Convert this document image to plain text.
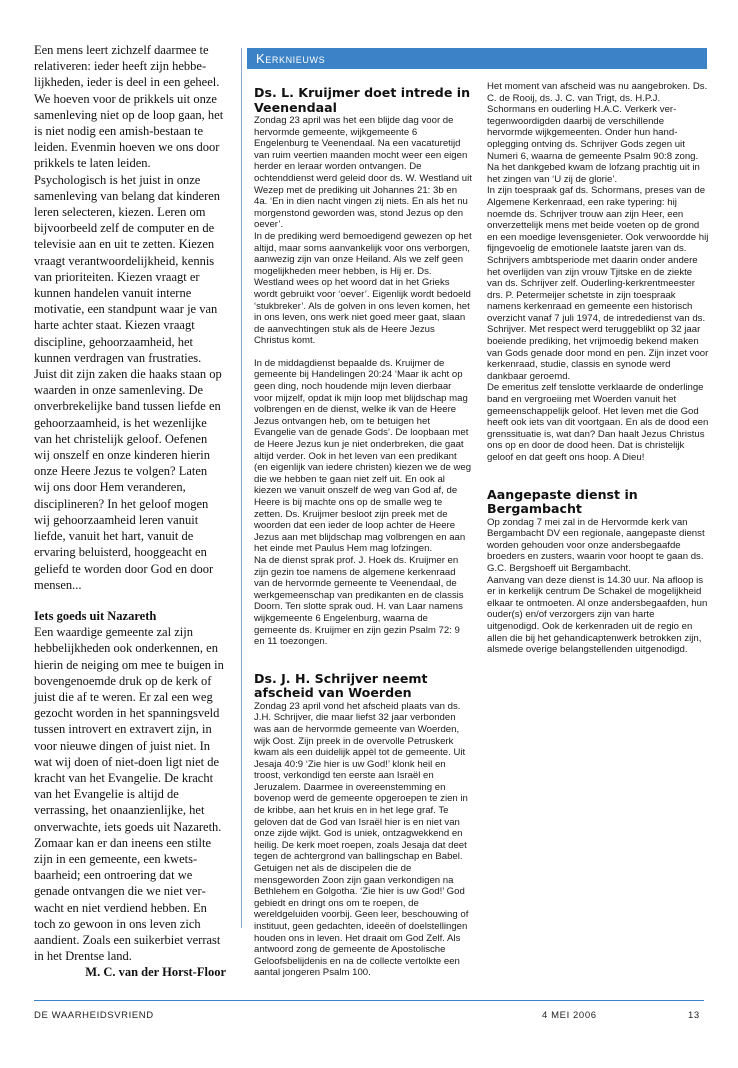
Een mens leert zichzelf daarmee te relativeren: ieder heeft zijn hebbelijkheden, ieder is deel in een geheel. We hoeven voor de prikkels uit onze samenleving niet op de loop gaan, het is niet nodig een amish-bestaan te leiden. Evenmin hoeven we ons door prikkels te laten leiden.

Psychologisch is het juist in onze samenleving van belang dat kinderen leren selecteren, kiezen. Leren om bijvoorbeeld zelf de computer en de televisie aan en uit te zetten. Kiezen vraagt verantwoordelijkheid, kennis van prioriteiten. Kiezen vraagt er kunnen handelen vanuit interne motivatie, een standpunt waar je van harte achter staat. Kiezen vraagt discipline, gehoorzaamheid, het kunnen verdragen van frustraties. Juist dit zijn zaken die haaks staan op waarden in onze samenleving. De onverbrekelijke band tussen liefde en gehoorzaamheid, is het wezenlijke van het christelijk geloof. Oefenen wij onszelf en onze kinderen hierin onze Heere Jezus te volgen? Laten wij ons door Hem veranderen, disciplineren? In het geloof mogen wij gehoorzaamheid leren vanuit liefde, vanuit het hart, vanuit de ervaring beluisterd, hooggeacht en geliefd te worden door God en door mensen...

Iets goeds uit Nazareth

Een waardige gemeente zal zijn hebbelijkheden ook onderkennen, en hierin de neiging om mee te buigen in bovengenoemde druk op de kerk of juist die af te weren. Er zal een weg gezocht worden in het spanningsveld tussen introvert en extravert zijn, in voor nieuwe dingen of juist niet. In wat wij doen of niet-doen ligt niet de kracht van het Evangelie. De kracht van het Evangelie is altijd de verrassing, het onaanzienlijke, het onverwachte, iets goeds uit Nazareth.

Zomaar kan er dan ineens een stilte zijn in een gemeente, een kwetsbaarheid; een ontroering dat we genade ontvangen die we niet verwacht en niet verdiend hebben. En toch zo gewoon in ons leven zich aandient. Zoals een suikerbiet verrast in het Drentse land.

M. C. van der Horst-Floor

Kerknieuws
Ds. L. Kruijmer doet intrede in Veenendaal

Zondag 23 april was het een blijde dag voor de hervormde gemeente, wijkgemeente 6 Engelenburg te Veenendaal. Na een vacaturetijd van ruim veertien maanden mocht weer een eigen herder en leraar worden ontvangen. De ochtenddienst werd geleid door ds. W. Westland uit Wezep met de prediking uit Johannes 21: 3b en 4a. ‘En in dien nacht vingen zij niets. En als het nu morgenstond geworden was, stond Jezus op den oever’.

In de prediking werd bemoedigend gewezen op het altijd, maar soms aanvankelijk voor ons verborgen, aanwezig zijn van onze Heiland. Als we zelf geen mogelijkheden meer hebben, is Hij er. Ds. Westland wees op het woord dat in het Grieks wordt gebruikt voor ‘oever’. Eigenlijk wordt bedoeld ‘stukbreker’. Als de golven in ons leven komen, het in ons leven, ons werk niet goed meer gaat, slaan de aanvechtingen stuk als de Heere Jezus Christus komt.

In de middagdienst bepaalde ds. Kruijmer de gemeente bij Handelingen 20:24 ‘Maar ik acht op geen ding, noch houdende mijn leven dierbaar voor mijzelf, opdat ik mijn loop met blijdschap mag volbrengen en de dienst, welke ik van de Heere Jezus ontvangen heb, om te betuigen het Evangelie van de genade Gods’. De loopbaan met de Heere Jezus kun je niet onderbreken, die gaat altijd verder. Ook in het leven van een predikant (en eigenlijk van iedere christen) kiezen we de weg die we hebben te gaan niet zelf uit. En ook al kiezen we vanuit onszelf de weg van God af, de Heere is bij machte ons op de smalle weg te zetten. Ds. Kruijmer besloot zijn preek met de woorden dat een ieder de loop achter de Heere Jezus aan met blijdschap mag volbrengen en aan het einde met Paulus Hem mag lofzingen.

Na de dienst sprak prof. J. Hoek ds. Kruijmer en zijn gezin toe namens de algemene kerkenraad van de hervormde gemeente te Veenendaal, de werkgemeenschap van predikanten en de classis Doorn. Ten slotte sprak oud. H. van Laar namens wijkgemeente 6 Engelenburg, waarna de gemeente ds. Kruijmer en zijn gezin Psalm 72: 9 en 11 toezongen.

Ds. J. H. Schrijver neemt afscheid van Woerden

Zondag 23 april vond het afscheid plaats van ds. J.H. Schrijver, die maar liefst 32 jaar verbonden was aan de hervormde gemeente van Woerden, wijk Oost. Zijn preek in de overvolle Petruskerk kwam als een duidelijk appèl tot de gemeente. Uit Jesaja 40:9 ‘Zie hier is uw God!’ klonk heil en troost, verkondigd ten eerste aan Israël en Jeruzalem. Daarmee in overeenstemming en bovenop werd de gemeente opgeroepen te zien in de kribbe, aan het kruis en in het lege graf. Te geloven dat de God van Israël hier is en niet van onze zijde wijkt. God is uniek, ontzagwekkend en heilig. De kerk moet roepen, zoals Jesaja dat deet tegen de achtergrond van ballingschap en Babel. Getuigen net als de discipelen die de mensgeworden Zoon zijn gaan verkondigen na Bethlehem en Golgotha. ‘Zie hier is uw God!’ God gebiedt en dringt ons om te roepen, de wereldgeluiden voorbij. Geen leer, beschouwing of instituut, geen gedachten, ideeën of doelstellingen houden ons in leven. Het draait om God Zelf. Als antwoord zong de gemeente de Apostolische Geloofsbelijdenis en na de collecte vertolkte een aantal jongeren Psalm 100.

Het moment van afscheid was nu aangebroken. Ds. C. de Rooij, ds. J. C. van Trigt, ds. H.P.J. Schormans en ouderling H.A.C. Verkerk vertegenwoordigden daarbij de verschillende hervormde wijkgemeenten. Onder hun handoplegging ontving ds. Schrijver Gods zegen uit Numeri 6, waarna de gemeente Psalm 90:8 zong. Na het dankgebed kwam de lofzang prachtig uit in het zingen van ‘U zij de glorie’.

In zijn toespraak gaf ds. Schormans, preses van de Algemene Kerkenraad, een rake typering: hij noemde ds. Schrijver trouw aan zijn Heer, een onverzettelijk mens met beide voeten op de grond en een moedige levensgenieter. Ook verwoordde hij fijngevoelig de emotionele laatste jaren van ds. Schrijvers ambtsperiode met daarin onder andere het overlijden van zijn vrouw Tjitske en de ziekte van ds. Schrijver zelf. Ouderling-kerkrentmeester drs. P. Petermeijer schetste in zijn toespraak namens kerkenraad en gemeente een historisch overzicht vanaf 7 juli 1974, de intrededienst van ds. Schrijver. Met respect werd teruggeblikt op 32 jaar boeiende prediking, het vrijmoedig bekend maken van Gods genade door mond en pen. Zijn inzet voor kerkenraad, studie, classis en synode werd dankbaar geroemd.

De emeritus zelf tenslotte verklaarde de onderlinge band en vergroeiing met Woerden vanuit het gemeenschappelijk geloof. Het leven met die God heeft ook iets van dit voortgaan. En als de dood een grenssituatie is, wat dan? Dan haalt Jezus Christus ons op en door de dood heen. Dat is christelijk geloof en dat geeft ons hoop. A Dieu!

Aangepaste dienst in Bergambacht

Op zondag 7 mei zal in de Hervormde kerk van Bergambacht DV een regionale, aangepaste dienst worden gehouden voor onze andersbegaafde broeders en zusters, waarin voor hoopt te gaan ds. G.C. Bergshoeff uit Bergambacht.

Aanvang van deze dienst is 14.30 uur. Na afloop is er in kerkelijk centrum De Schakel de mogelijkheid elkaar te ontmoeten. Al onze andersbegaafden, hun ouder(s) en/of verzorgers zijn van harte uitgenodigd. Ook de kerkenraden uit de regio en allen die bij het gehandicaptenwerk betrokken zijn, alsmede overige belangstellenden uitgenodigd.

DE WAARHEIDSVRIEND	4 MEI 2006	13
